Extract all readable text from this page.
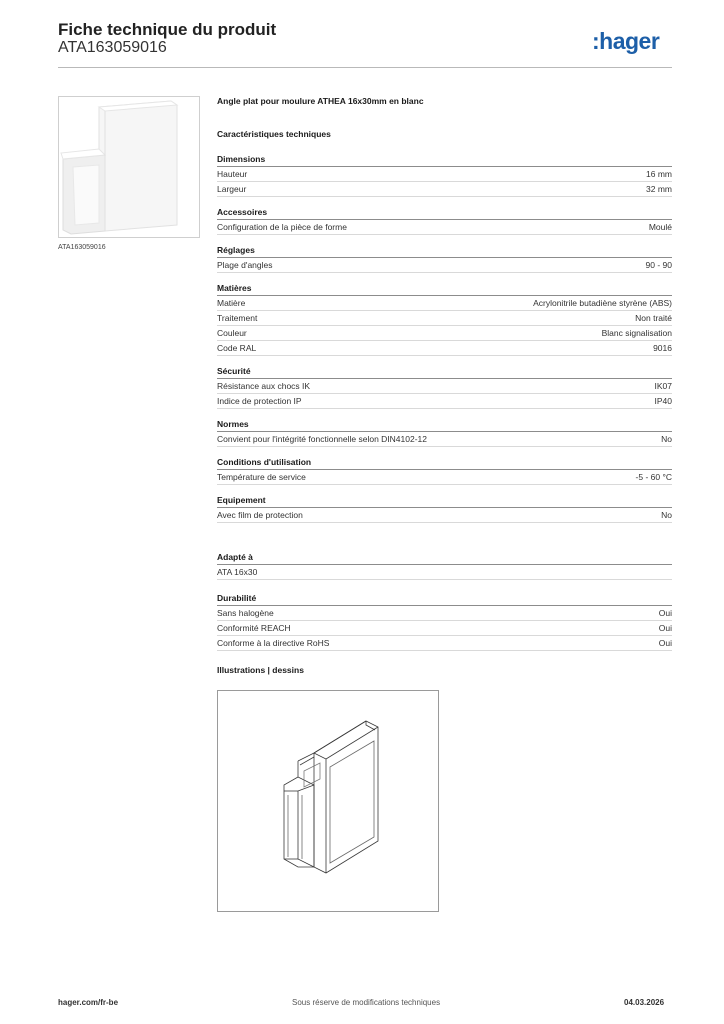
Fiche technique du produit
ATA163059016	:hager
ATA163059016
Angle plat pour moulure ATHEA 16x30mm en blanc
Caractéristiques techniques
Dimensions
Hauteur	16 mm
Largeur	32 mm
Accessoires
Configuration de la pièce de forme	Moulé
Réglages
Plage d'angles	90 - 90
Matières
Matière	Acrylonitrile butadiène styrène (ABS)
Traitement	Non traité
Couleur	Blanc signalisation
Code RAL	9016
Sécurité
Résistance aux chocs IK	IK07
Indice de protection IP	IP40
Normes
Convient pour l'intégrité fonctionnelle selon DIN4102-12	No
Conditions d'utilisation
Température de service	-5 - 60 °C
Equipement
Avec film de protection	No
Adapté à
ATA 16x30
Durabilité
Sans halogène	Oui
Conformité REACH	Oui
Conforme à la directive RoHS	Oui
Illustrations | dessins
hager.com/fr-be	Sous réserve de modifications techniques	04.03.2026
